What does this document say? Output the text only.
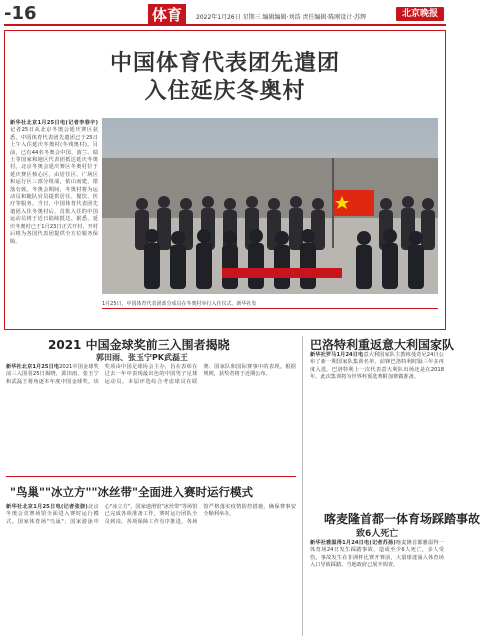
-16	体育	2022年1月26日 星期三 编辑编辑·刘浩 责任编辑·陈刚设计·苏辉	北京晚报
中国体育代表团先遣团
入住延庆冬奥村
新华社北京1月25日电(记者李春宇)记者25日从北京冬奥会延庆赛区获悉，中国体育代表团先遣团已于25日上午入住延庆冬奥村(冬残奥村)。目前，已有44名冬奥会中国、波兰、瑞士等国家和地区代表团抵达延庆冬奥村。北京冬奥会延庆赛区冬奥村位于延庆赛区核心区，由居住区、广场区和运行区三部分组成，依山而建，错落有致。冬奥会期间，冬奥村将为运动员和随队官员提供居住、餐饮、医疗等服务。当日，中国体育代表团先遣团入住冬奥村后，首批入住的中国运动员将于近日陆续抵达。据悉，延庆冬奥村已于1月23日正式开村，开村后将为各国代表团提供全方位服务保障。
1月25日，中国体育代表团部分成员在冬奥村举行入住仪式。新华社发
2021 中国金球奖前三入围者揭晓
郭田雨、张玉宁PK武磊王
新华社北京1月25日电2021中国金球奖前三入围者25日揭晓，郭田雨、张玉宁和武磊王将角逐本年度中国金球奖。该奖项由中国足球协会主办，旨在表彰在过去一年中表现最出色的中国男子足球运动员。本届评选综合考虑球员在联赛、国家队和国际赛事中的表现。根据规则，获奖者将于近期公布。
"鸟巢""冰立方""冰丝带"全面进入赛时运行模式
新华社北京1月25日电(记者张骁)北京冬奥会竞赛场馆全面进入赛时运行模式。国家体育场"鸟巢"、国家游泳中心"冰立方"、国家速滑馆"冰丝带"等场馆已完成各项准备工作，赛时运行团队全员到岗，各项保障工作有序推进。各场馆严格落实疫情防控措施，确保赛事安全顺利举办。
巴洛特利重返意大利国家队
新华社罗马1月24日电意大利国家队主教练曼奇尼24日公布了新一期国家队集训名单，前锋巴洛特利时隔三年多再度入选。巴洛特利上一次代表意大利队出场还是在2018年。此次集训将为世界杯预选赛附加赛做准备。
喀麦隆首都一体育场踩踏事故
致6人死亡
新华社雅温得1月24日电(记者苏扬)喀麦隆首都雅温得一体育场24日发生踩踏事故，造成至少6人死亡，多人受伤。事故发生在非洲杯比赛开赛前，大量球迷涌入体育场入口导致踩踏。当地政府已展开调查。
